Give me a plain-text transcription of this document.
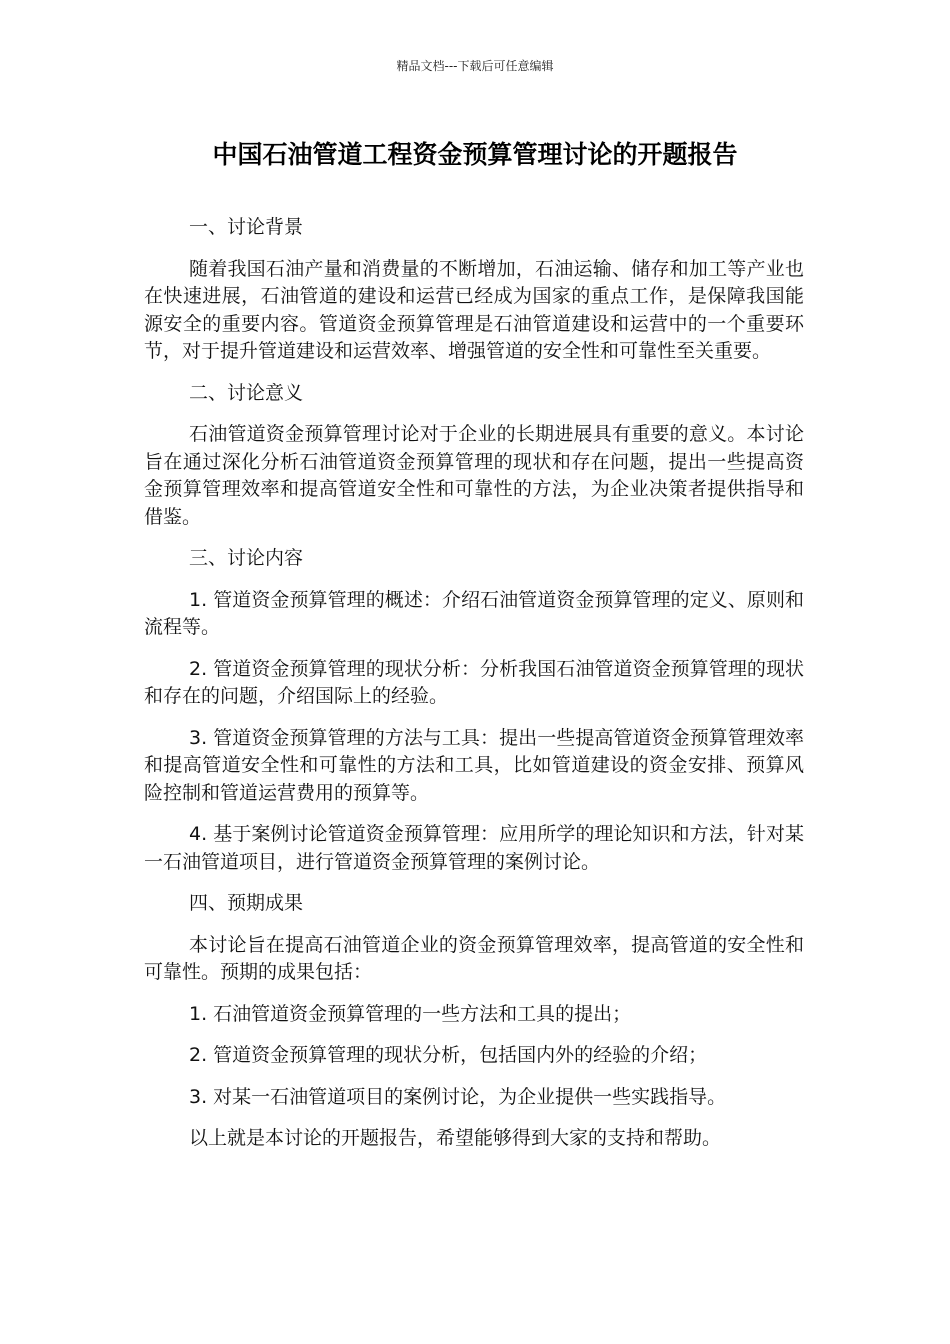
精品文档---下载后可任意编辑
中国石油管道工程资金预算管理讨论的开题报告

一、讨论背景

随着我国石油产量和消费量的不断增加，石油运输、储存和加工等产业也在快速进展，石油管道的建设和运营已经成为国家的重点工作，是保障我国能源安全的重要内容。管道资金预算管理是石油管道建设和运营中的一个重要环节，对于提升管道建设和运营效率、增强管道的安全性和可靠性至关重要。

二、讨论意义

石油管道资金预算管理讨论对于企业的长期进展具有重要的意义。本讨论旨在通过深化分析石油管道资金预算管理的现状和存在问题，提出一些提高资金预算管理效率和提高管道安全性和可靠性的方法，为企业决策者提供指导和借鉴。

三、讨论内容

1. 管道资金预算管理的概述：介绍石油管道资金预算管理的定义、原则和流程等。

2. 管道资金预算管理的现状分析：分析我国石油管道资金预算管理的现状和存在的问题，介绍国际上的经验。

3. 管道资金预算管理的方法与工具：提出一些提高管道资金预算管理效率和提高管道安全性和可靠性的方法和工具，比如管道建设的资金安排、预算风险控制和管道运营费用的预算等。

4. 基于案例讨论管道资金预算管理：应用所学的理论知识和方法，针对某一石油管道项目，进行管道资金预算管理的案例讨论。

四、预期成果

本讨论旨在提高石油管道企业的资金预算管理效率，提高管道的安全性和可靠性。预期的成果包括：

1. 石油管道资金预算管理的一些方法和工具的提出；

2. 管道资金预算管理的现状分析，包括国内外的经验的介绍；

3. 对某一石油管道项目的案例讨论，为企业提供一些实践指导。

以上就是本讨论的开题报告，希望能够得到大家的支持和帮助。
